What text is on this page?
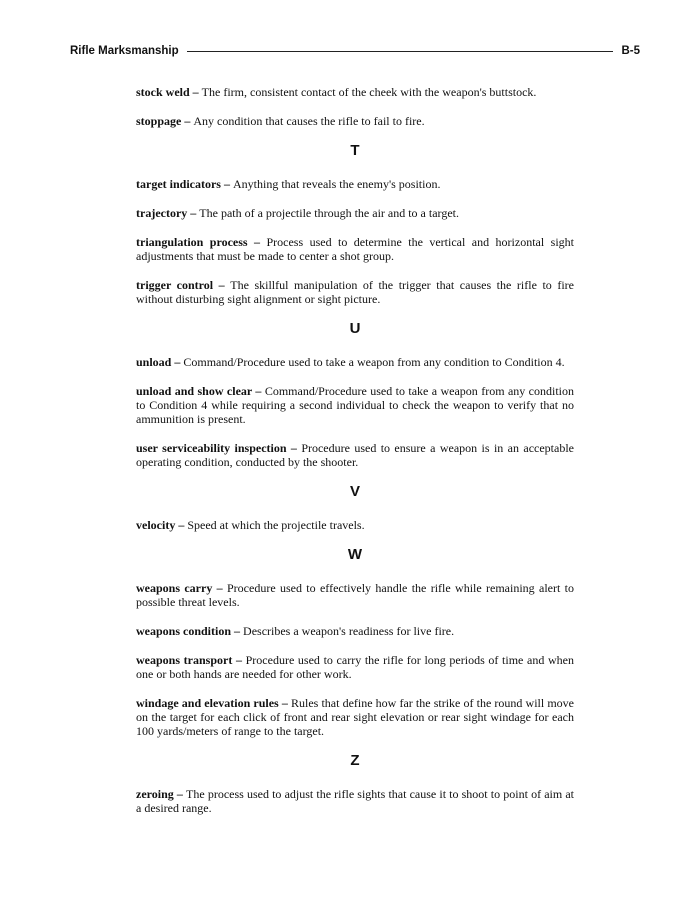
Rifle Marksmanship	B-5

stock weld – The firm, consistent contact of the cheek with the weapon's buttstock.

stoppage – Any condition that causes the rifle to fail to fire.

T

target indicators – Anything that reveals the enemy's position.

trajectory – The path of a projectile through the air and to a target.

triangulation process – Process used to determine the vertical and horizontal sight adjustments that must be made to center a shot group.

trigger control – The skillful manipulation of the trigger that causes the rifle to fire without disturbing sight alignment or sight picture.

U

unload – Command/Procedure used to take a weapon from any condition to Condition 4.

unload and show clear – Command/Procedure used to take a weapon from any condition to Condition 4 while requiring a second individual to check the weapon to verify that no ammunition is present.

user serviceability inspection – Procedure used to ensure a weapon is in an acceptable operating condition, conducted by the shooter.

V

velocity – Speed at which the projectile travels.

W

weapons carry – Procedure used to effectively handle the rifle while remaining alert to possible threat levels.

weapons condition – Describes a weapon's readiness for live fire.

weapons transport – Procedure used to carry the rifle for long periods of time and when one or both hands are needed for other work.

windage and elevation rules – Rules that define how far the strike of the round will move on the target for each click of front and rear sight elevation or rear sight windage for each 100 yards/meters of range to the target.

Z

zeroing – The process used to adjust the rifle sights that cause it to shoot to point of aim at a desired range.
